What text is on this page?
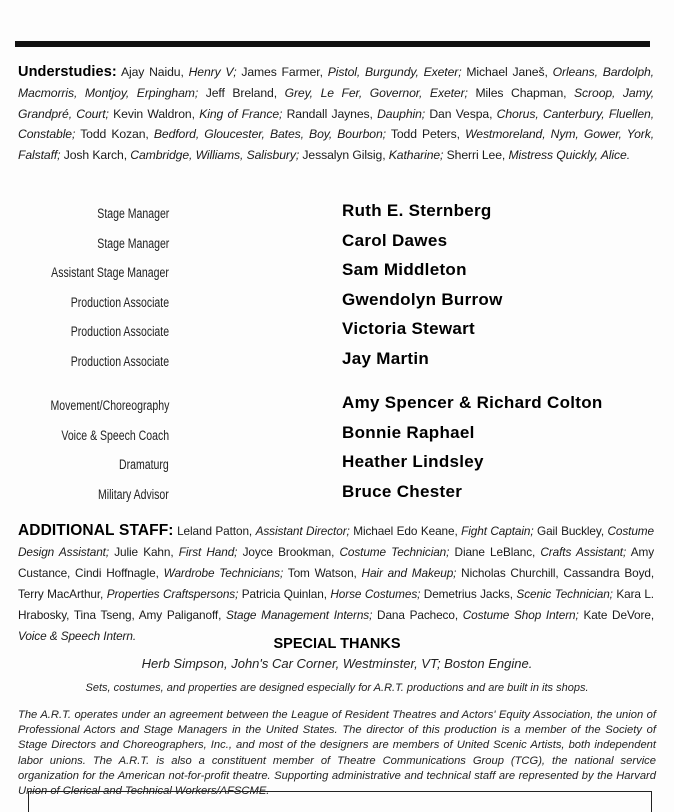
Understudies: Ajay Naidu, Henry V; James Farmer, Pistol, Burgundy, Exeter; Michael Janeš, Orleans, Bardolph, Macmorris, Montjoy, Erpingham; Jeff Breland, Grey, Le Fer, Governor, Exeter; Miles Chapman, Scroop, Jamy, Grandpré, Court; Kevin Waldron, King of France; Randall Jaynes, Dauphin; Dan Vespa, Chorus, Canterbury, Fluellen, Constable; Todd Kozan, Bedford, Gloucester, Bates, Boy, Bourbon; Todd Peters, Westmoreland, Nym, Gower, York, Falstaff; Josh Karch, Cambridge, Williams, Salisbury; Jessalyn Gilsig, Katharine; Sherri Lee, Mistress Quickly, Alice.
Stage Manager	Ruth E. Sternberg
Stage Manager	Carol Dawes
Assistant Stage Manager	Sam Middleton
Production Associate	Gwendolyn Burrow
Production Associate	Victoria Stewart
Production Associate	Jay Martin
Movement/Choreography	Amy Spencer & Richard Colton
Voice & Speech Coach	Bonnie Raphael
Dramaturg	Heather Lindsley
Military Advisor	Bruce Chester
ADDITIONAL STAFF: Leland Patton, Assistant Director; Michael Edo Keane, Fight Captain; Gail Buckley, Costume Design Assistant; Julie Kahn, First Hand; Joyce Brookman, Costume Technician; Diane LeBlanc, Crafts Assistant; Amy Custance, Cindi Hoffnagle, Wardrobe Technicians; Tom Watson, Hair and Makeup; Nicholas Churchill, Cassandra Boyd, Terry MacArthur, Properties Craftspersons; Patricia Quinlan, Horse Costumes; Demetrius Jacks, Scenic Technician; Kara L. Hrabosky, Tina Tseng, Amy Paliganoff, Stage Management Interns; Dana Pacheco, Costume Shop Intern; Kate DeVore, Voice & Speech Intern.	SPECIAL THANKS
Herb Simpson, John's Car Corner, Westminster, VT; Boston Engine.
Sets, costumes, and properties are designed especially for A.R.T. productions and are built in its shops.
The A.R.T. operates under an agreement between the League of Resident Theatres and Actors' Equity Association, the union of Professional Actors and Stage Managers in the United States. The director of this production is a member of the Society of Stage Directors and Choreographers, Inc., and most of the designers are members of United Scenic Artists, both independent labor unions. The A.R.T. is also a constituent member of Theatre Communications Group (TCG), the national service organization for the American not-for-profit theatre. Supporting administrative and technical staff are represented by the Harvard Union of Clerical and Technical Workers/AFSCME.
